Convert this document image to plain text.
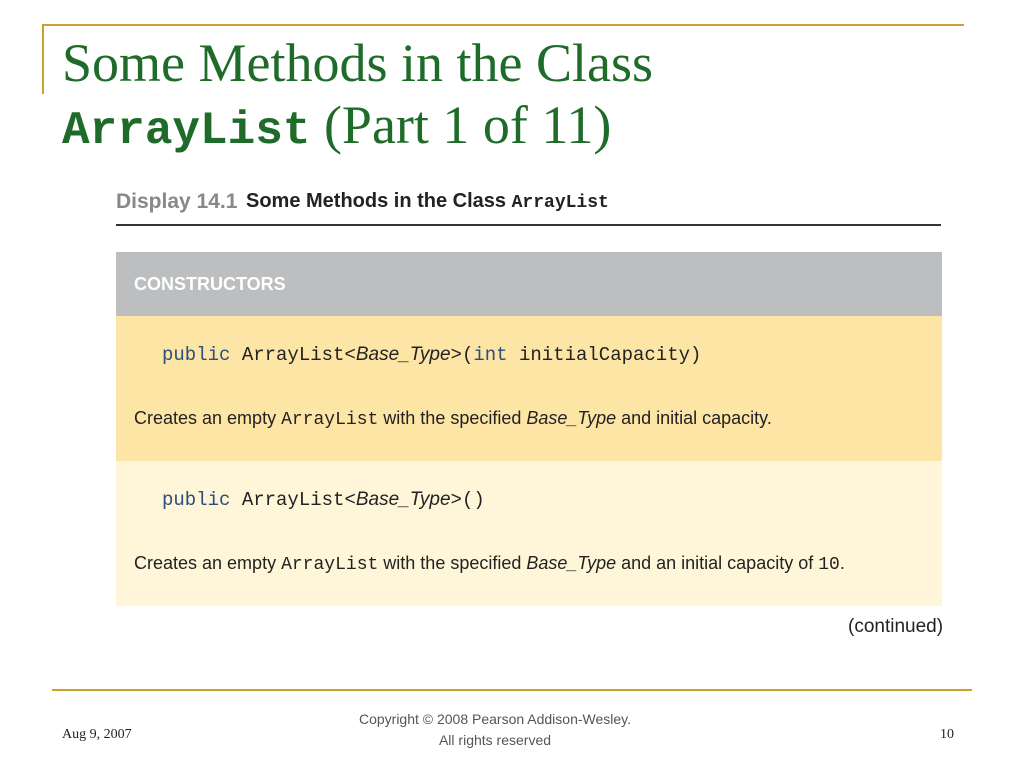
Some Methods in the Class
ArrayList (Part 1 of 11)
Display 14.1 Some Methods in the Class ArrayList
CONSTRUCTORS
public ArrayList<Base_Type>(int initialCapacity)
Creates an empty ArrayList with the specified Base_Type and initial capacity.
public ArrayList<Base_Type>()
Creates an empty ArrayList with the specified Base_Type and an initial capacity of 10.
(continued)
Aug 9, 2007
Copyright © 2008 Pearson Addison-Wesley.
All rights reserved	10
